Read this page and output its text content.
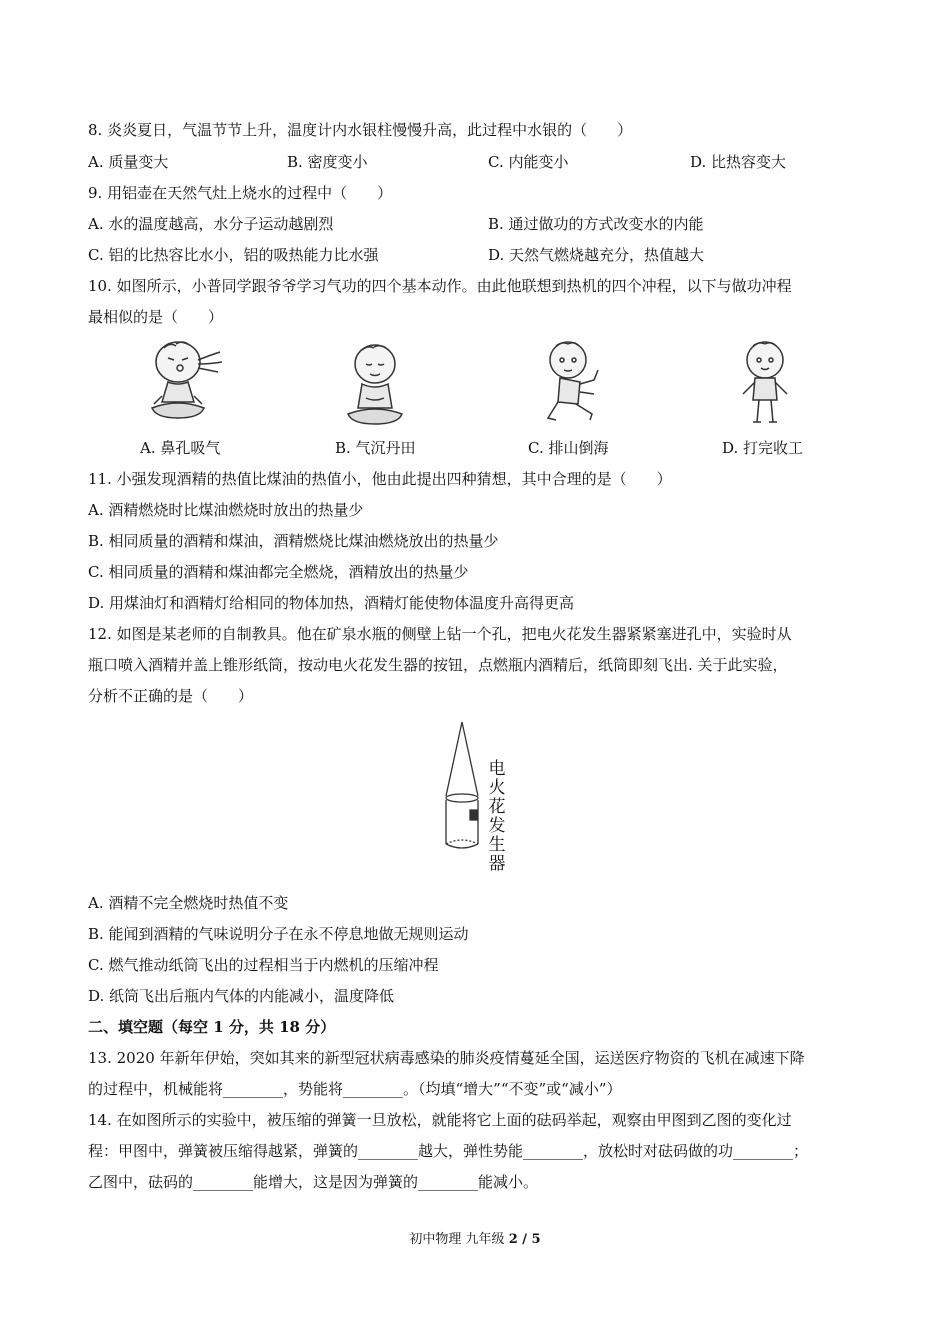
8. 炎炎夏日，气温节节上升，温度计内水银柱慢慢升高，此过程中水银的（　　）
A. 质量变大	B. 密度变小	C. 内能变小	D. 比热容变大
9. 用铝壶在天然气灶上烧水的过程中（　　）
A. 水的温度越高，水分子运动越剧烈	B. 通过做功的方式改变水的内能
C. 铝的比热容比水小，铝的吸热能力比水强	D. 天然气燃烧越充分，热值越大
10. 如图所示，小普同学跟爷爷学习气功的四个基本动作。由此他联想到热机的四个冲程，以下与做功冲程
最相似的是（　　）
A. 鼻孔吸气	B. 气沉丹田	C. 排山倒海	D. 打完收工
11. 小强发现酒精的热值比煤油的热值小，他由此提出四种猜想，其中合理的是（　　）
A. 酒精燃烧时比煤油燃烧时放出的热量少
B. 相同质量的酒精和煤油，酒精燃烧比煤油燃烧放出的热量少
C. 相同质量的酒精和煤油都完全燃烧，酒精放出的热量少
D. 用煤油灯和酒精灯给相同的物体加热，酒精灯能使物体温度升高得更高
12. 如图是某老师的自制教具。他在矿泉水瓶的侧壁上钻一个孔，把电火花发生器紧紧塞进孔中，实验时从
瓶口喷入酒精并盖上锥形纸筒，按动电火花发生器的按钮，点燃瓶内酒精后，纸筒即刻飞出. 关于此实验，
分析不正确的是（　　）
电
火
花
发
生
器
A. 酒精不完全燃烧时热值不变
B. 能闻到酒精的气味说明分子在永不停息地做无规则运动
C. 燃气推动纸筒飞出的过程相当于内燃机的压缩冲程
D. 纸筒飞出后瓶内气体的内能减小，温度降低
二、填空题（每空 1 分，共 18 分）
13. 2020 年新年伊始，突如其来的新型冠状病毒感染的肺炎疫情蔓延全国，运送医疗物资的飞机在减速下降
的过程中，机械能将________，势能将________。（均填“增大”“不变”或“减小”）
14. 在如图所示的实验中，被压缩的弹簧一旦放松，就能将它上面的砝码举起，观察由甲图到乙图的变化过
程：甲图中，弹簧被压缩得越紧，弹簧的________越大，弹性势能________，放松时对砝码做的功________；
乙图中，砝码的________能增大，这是因为弹簧的________能减小。
初中物理 九年级 2 / 5
